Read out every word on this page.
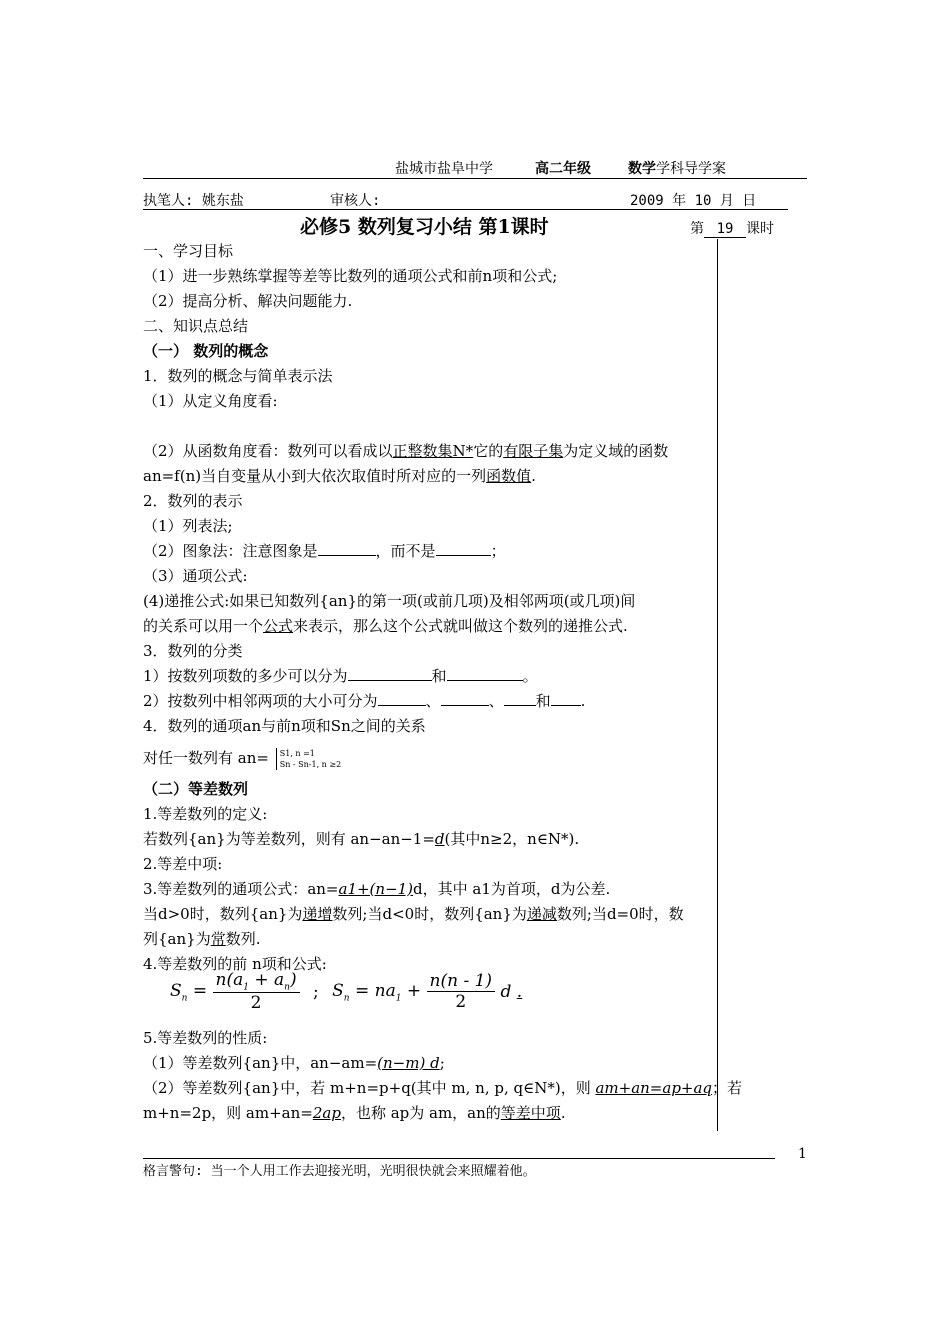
盐城市盐阜中学	高二年级	数学学科导学案
执笔人: 姚东盐	审核人:	2009 年 10 月 日
必修5 数列复习小结 第1课时	第 19 课时
一、学习目标
（1）进一步熟练掌握等差等比数列的通项公式和前n项和公式;
（2）提高分析、解决问题能力.
二、知识点总结
（一） 数列的概念
1．数列的概念与简单表示法
（1）从定义角度看:
（2）从函数角度看：数列可以看成以正整数集N*它的有限子集为定义域的函数
an=f(n)当自变量从小到大依次取值时所对应的一列函数值.
2．数列的表示
（1）列表法;
（2）图象法：注意图象是	，而不是	；
（3）通项公式:
(4)递推公式:如果已知数列{an}的第一项(或前几项)及相邻两项(或几项)间
的关系可以用一个公式来表示，那么这个公式就叫做这个数列的递推公式.
3．数列的分类
1）按数列项数的多少可以分为	和	。
2）按数列中相邻两项的大小可分为	、	、 和 .
4．数列的通项an与前n项和Sn之间的关系
对任一数列有 an= S1, n =1
Sn - Sn-1, n ≥2
（二）等差数列
1.等差数列的定义:
若数列{an}为等差数列，则有 an−an−1=d(其中n≥2，n∈N*).
2.等差中项:
3.等差数列的通项公式：an=a1+(n−1)d，其中 a1为首项，d为公差.
当d>0时，数列{an}为递增数列;当d<0时，数列{an}为递减数列;当d=0时，数
列{an}为常数列.
4.等差数列的前 n项和公式:
$S_n = \frac{n(a_1 + a_n)}{2}$ ; $S_n = na_1 + \frac{n(n - 1)}{2}$ d .
5.等差数列的性质:
（1）等差数列{an}中，an−am=(n−m) d;
（2）等差数列{an}中，若 m+n=p+q(其中 m, n, p, q∈N*)，则 am+an=ap+aq；若
m+n=2p，则 am+an=2ap，也称 ap为 am，an的等差中项.
1
格言警句: 当一个人用工作去迎接光明，光明很快就会来照耀着他。
